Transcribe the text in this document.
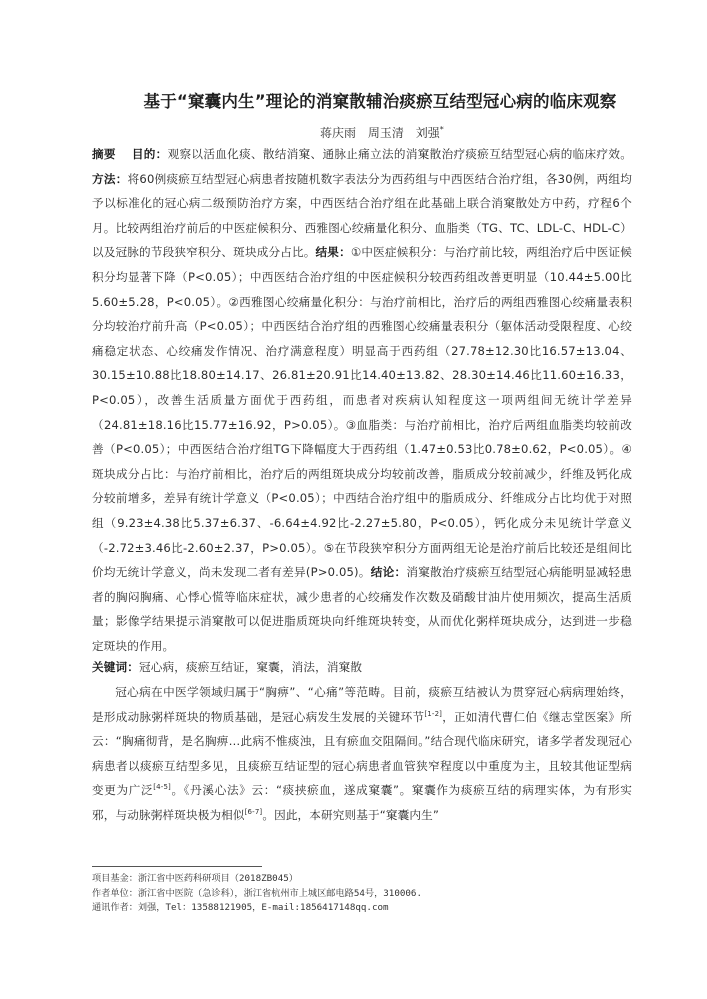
基于“窠囊内生”理论的消窠散辅治痰瘀互结型冠心病的临床观察
蒋庆雨 周玉清 刘强*
摘要 目的：观察以活血化痰、散结消窠、通脉止痛立法的消窠散治疗痰瘀互结型冠心病的临床疗效。方法：将60例痰瘀互结型冠心病患者按随机数字表法分为西药组与中西医结合治疗组，各30例，两组均予以标准化的冠心病二级预防治疗方案，中西医结合治疗组在此基础上联合消窠散处方中药，疗程6个月。比较两组治疗前后的中医症候积分、西雅图心绞痛量化积分、血脂类（TG、TC、LDL-C、HDL-C）以及冠脉的节段狭窄积分、斑块成分占比。结果：①中医症候积分：与治疗前比较，两组治疗后中医证候积分均显著下降（P<0.05）；中西医结合治疗组的中医症候积分较西药组改善更明显（10.44±5.00比5.60±5.28，P<0.05）。②西雅图心绞痛量化积分：与治疗前相比，治疗后的两组西雅图心绞痛量表积分均较治疗前升高（P<0.05）；中西医结合治疗组的西雅图心绞痛量表积分（躯体活动受限程度、心绞痛稳定状态、心绞痛发作情况、治疗满意程度）明显高于西药组（27.78±12.30比16.57±13.04、30.15±10.88比18.80±14.17、26.81±20.91比14.40±13.82、28.30±14.46比11.60±16.33，P<0.05），改善生活质量方面优于西药组，而患者对疾病认知程度这一项两组间无统计学差异（24.81±18.16比15.77±16.92，P>0.05）。③血脂类：与治疗前相比，治疗后两组血脂类均较前改善（P<0.05）；中西医结合治疗组TG下降幅度大于西药组（1.47±0.53比0.78±0.62，P<0.05）。④斑块成分占比：与治疗前相比，治疗后的两组斑块成分均较前改善，脂质成分较前减少，纤维及钙化成分较前增多，差异有统计学意义（P<0.05）；中西结合治疗组中的脂质成分、纤维成分占比均优于对照组（9.23±4.38比5.37±6.37、-6.64±4.92比-2.27±5.80，P<0.05），钙化成分未见统计学意义（-2.72±3.46比-2.60±2.37，P>0.05）。⑤在节段狭窄积分方面两组无论是治疗前后比较还是组间比价均无统计学意义，尚未发现二者有差异(P>0.05)。结论：消窠散治疗痰瘀互结型冠心病能明显减轻患者的胸闷胸痛、心悸心慌等临床症状，减少患者的心绞痛发作次数及硝酸甘油片使用频次，提高生活质量；影像学结果提示消窠散可以促进脂质斑块向纤维斑块转变，从而优化粥样斑块成分，达到进一步稳定斑块的作用。
关键词：冠心病，痰瘀互结证，窠囊，消法，消窠散
冠心病在中医学领域归属于“胸痹”、“心痛”等范畴。目前，痰瘀互结被认为贯穿冠心病病理始终，是形成动脉粥样斑块的物质基础，是冠心病发生发展的关键环节[1-2]，正如清代曹仁伯《继志堂医案》所云：“胸痛彻背，是名胸痹…此病不惟痰浊，且有瘀血交阻隔间。”结合现代临床研究，诸多学者发现冠心病患者以痰瘀互结型多见，且痰瘀互结证型的冠心病患者血管狭窄程度以中重度为主，且较其他证型病变更为广泛[4-5]。《丹溪心法》云：“痰挟瘀血，遂成窠囊”。窠囊作为痰瘀互结的病理实体，为有形实邪，与动脉粥样斑块极为相似[6-7]。因此，本研究则基于“窠囊内生”
项目基金：浙江省中医药科研项目（2018ZB045）
作者单位：浙江省中医院（急诊科），浙江省杭州市上城区邮电路54号，310006.
通讯作者：刘强，Tel：13588121905，E-mail:1856417148qq.com
